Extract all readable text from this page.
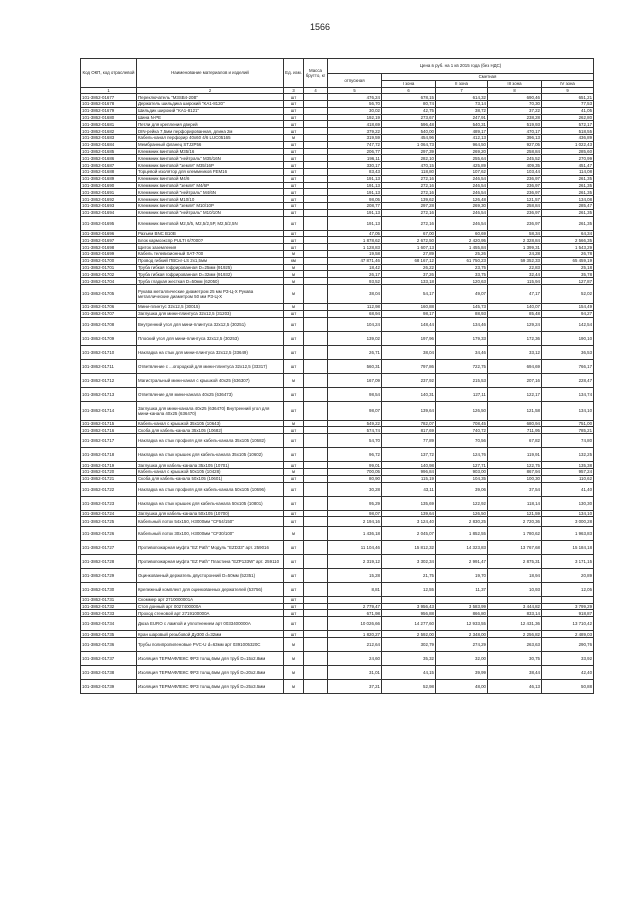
1566
Код ОКП, код отраслевой	Наименование материалов и изделий	Ед. изм.	Масса брутто, кг	Цена в руб. на 1 кв 2015 года (без НДС)				
				отпускная	Сметная			
					I зона	II зона	III зона	IV зона
1	2	3	4	5	6	7	8	9
101-3862-01677	Переключатель "M3SB4-20B"	шт		476,24	678,15	614,32	690,46	651,21
101-3862-01678	Держатель шильдика широкий "KA1-8120"	шт		56,70	80,74	73,14	70,30	77,53
101-3862-01679	Шильдик широкий "KA1-8121"	шт		30,02	42,75	38,72	37,22	41,05
101-3862-01680	Шина N-PE	шт		192,19	273,67	247,91	238,28	262,80
101-3862-01681	Петли для крепления дверей	шт		418,69	596,48	540,31	519,93	572,17
101-3862-01682	DIN-рейка 7,5мм перфорированная, длина 2м	шт		379,22	540,00	489,17	470,17	518,55
101-3862-01683	Кабель-канал перфорир 40х60 4/6 LUC05165	м		319,59	454,96	412,13	396,13	436,89
101-3862-01684	Мембранный фланец STJ2P56	шт		747,72	1 064,73	964,50	927,05	1 022,43
101-3862-01685	Клеммник винтовой M35/16	шт		206,77	297,39	269,20	258,84	285,60
101-3862-01686	Клеммник винтовой "нейтраль" M35/16N	шт		196,11	282,10	255,64	245,52	270,99
101-3862-01687	Клеммник винтовой "земля" M35/16P	шт		330,17	470,15	425,89	409,35	451,47
101-3862-01688	Торцевой изолятор для клеммников FEM16	шт		83,43	118,80	107,62	103,44	114,08
101-3862-01689	Клеммник винтовой M4/6	шт		191,13	272,16	246,54	236,97	261,35
101-3862-01690	Клеммник винтовой "земля" M4/6P	шт		191,13	272,16	246,54	236,97	261,35
101-3862-01691	Клеммник винтовой "нейтраль" M4/6N	шт		191,13	272,16	246,54	236,97	261,35
101-3862-01692	Клеммник винтовой M10/10	шт		98,05	139,62	126,48	121,57	134,08
101-3862-01693	Клеммник винтовой "земля" M10/10P	шт		208,77	297,28	269,30	258,84	285,47
101-3862-01694	Клеммник винтовой "нейтраль" M10/10N	шт		191,13	272,16	246,54	236,97	261,35
101-3862-01695	Клеммник винтовой M2,5/5, M2,5/2,5P, M2,5/2,5N	шт		191,13	272,16	246,54	236,97	261,35
101-3862-01696	Разъем BNC B10B	шт		47,05	67,00	60,69	58,34	64,34
101-3862-01697	Блок кармоэкспр PULTI 6/7000?	шт		1 878,62	2 672,50	2 420,95	2 328,84	2 566,35
101-3862-01698	Щиток заземления	шт		1 128,83	1 607,13	1 455,84	1 399,31	1 543,29
101-3862-01699	Кабель телевизионный SAT-700	м		19,58	27,89	25,26	24,28	26,78
101-3862-01700	Провод гибкий ПВСнг-LS 2х1,5мм	км		47 871,46	68 167,12	61 750,23	59 352,33	65 459,19
101-3862-01701	Труба гибкая гофрированная D=25мм (91925)	м		18,42	26,22	23,75	22,83	25,18
101-3862-01702	Труба гибкая гофрированная D=32мм (91932)	м		26,17	37,26	33,75	32,44	35,78
101-3862-01704	Труба гладкая жесткая D=50мм (62050)	м		93,52	133,18	120,63	115,94	127,87
101-3862-01705	Рукава металлические диаметром 25 мм РЗ-Ц-Х Рукава металлические диаметром 50 мм РЗ-Ц-Х	м		38,04	54,17	49,07	47,17	52,02
101-3862-01706	Мини-плинтус 32х12,5 (30015)	м		112,98	160,88	145,73	140,07	154,49
101-3862-01707	Заглушка для мини-плинтуса 32х12,5 (31203)	шт		68,94	98,17	88,93	85,48	94,27
101-3862-01708	Внутренний угол для мини-плинтуса 32х12,5 (30251)	шт		104,24	148,44	134,46	129,24	142,54
101-3862-01709	Плоский угол для мини-плинтуса 32х12,5 (30253)	шт		139,02	197,96	179,33	172,36	190,10
101-3862-01710	Накладка на стык для мини-плинтуса 32х12,5 (33649)	шт		26,71	38,04	34,46	33,12	36,53
101-3862-01711	Ответвление с ...огородкой для мини-плинтуса 32х12,5 (33317)	шт		560,31	797,86	722,75	694,69	766,17
101-3862-01712	Магистральный мини-канал с крышкой 40х25 (636307)	м		167,09	237,92	215,53	207,16	228,47
101-3862-01713	Ответвление для мини-канала 40х25 (636473)	шт		98,54	140,31	127,11	122,17	134,74
101-3862-01714	Заглушка для мини-канала 40х25 (636470) Внутренний угол для мини-канала 40х25 (636470)	шт		98,07	139,64	126,50	121,58	134,10
101-3862-01715	Кабель-канал с крышкой 35х105 (10643)	м		549,22	782,07	708,45	680,94	751,00
101-3862-01716	Скоба для кабель-канала 35х105 (10682)	шт		574,74	817,69	740,72	711,95	785,21
101-3862-01717	Накладка на стык профиля для кабель-канала 35х105 (10682)	шт		54,70	77,89	70,56	67,82	74,80
101-3862-01718	Накладка на стык крышек для кабель-канала 35х105 (10602)	шт		96,72	137,72	124,76	119,91	132,25
101-3862-01719	Заглушка для кабель-канала 35х105 (10701)	шт		99,01	140,98	127,71	122,75	135,38
101-3862-01720	Кабель-канал с крышкой 50х105 (10428)	м		700,05	996,84	903,00	867,94	957,24
101-3862-01721	Скоба для кабель-канала 50х105 (10601)	шт		80,90	115,19	104,35	100,30	110,62
101-3862-01722	Накладка на стык профиля для кабель-канала 50х105 (10696)	шт		30,28	43,11	39,06	37,54	41,40
101-3862-01723	Накладка на стык крышек для кабель-канала 50х105 (10801)	шт		95,29	135,69	122,92	118,14	130,30
101-3862-01724	Заглушка для кабель-канала 50х105 (10700)	шт		98,07	139,64	126,50	121,59	134,10
101-3862-01725	Кабельный лоток 54х150, Н3000мм "CF54/150"	шт		2 194,16	3 124,40	2 830,25	2 720,36	3 000,28
101-3862-01726	Кабельный лоток 30х100, Н3000мм "CF30/100"	м		1 436,18	2 045,07	1 852,55	1 780,62	1 963,83
101-3862-01727	Противопожарная муфта "EZ Path" Модуль "EZD33" арт. 259016	шт		11 104,46	15 812,32	14 323,83	13 767,68	15 184,18
101-3862-01728	Противопожарная муфта "EZ Path" Пластина "EZP133W" арт. 259110	шт		2 319,12	3 302,34	2 991,47	2 875,31	3 171,15
101-3862-01729	Оцинкованный держатель двусторонний D=50мм (52351)	шт		15,28	21,75	19,70	18,94	20,89
101-3862-01730	Крепежный комплект для оцинкованных держателей (53756)	шт		8,81	12,55	11,37	10,93	12,05
101-3862-01731	Скоммер арт 2710000001A	шт						
101-3862-01732	Стоп донный арт 0027400000A	шт		2 779,47	3 956,43	3 583,99	3 444,82	3 799,29
101-3862-01733	Проход стеновой арт 2719100000A	шт		671,98	956,88	866,80	833,14	918,87
101-3862-01734	Дюза EURO с лампой и уплотнением арт 0033400000A	шт		10 026,66	14 277,60	12 933,55	12 431,36	13 710,42
101-3862-01735	Кран шаровый резьбовой Ду300 d=32мм	шт		1 820,27	2 592,00	2 348,00	2 256,82	2 489,03
101-3862-01736	Трубы полипропиленовые PVC-U d=63мм арт 0391005320C	м		212,64	302,79	274,29	263,63	290,76
101-3862-01737	Изоляция ТЕРМАФЛЕКС ФРЗ толщ.6мм для труб D=15х2.8мм	м		24,60	35,32	32,00	30,75	33,92
101-3862-01738	Изоляция ТЕРМАФЛЕКС ФРЗ толщ.6мм для труб D=20х2.8мм	м		31,01	44,15	39,99	38,44	42,40
101-3862-01739	Изоляция ТЕРМАФЛЕКС ФРЗ толщ.6мм для труб D=25х3.5мм	м		37,21	52,98	48,00	46,13	50,88
